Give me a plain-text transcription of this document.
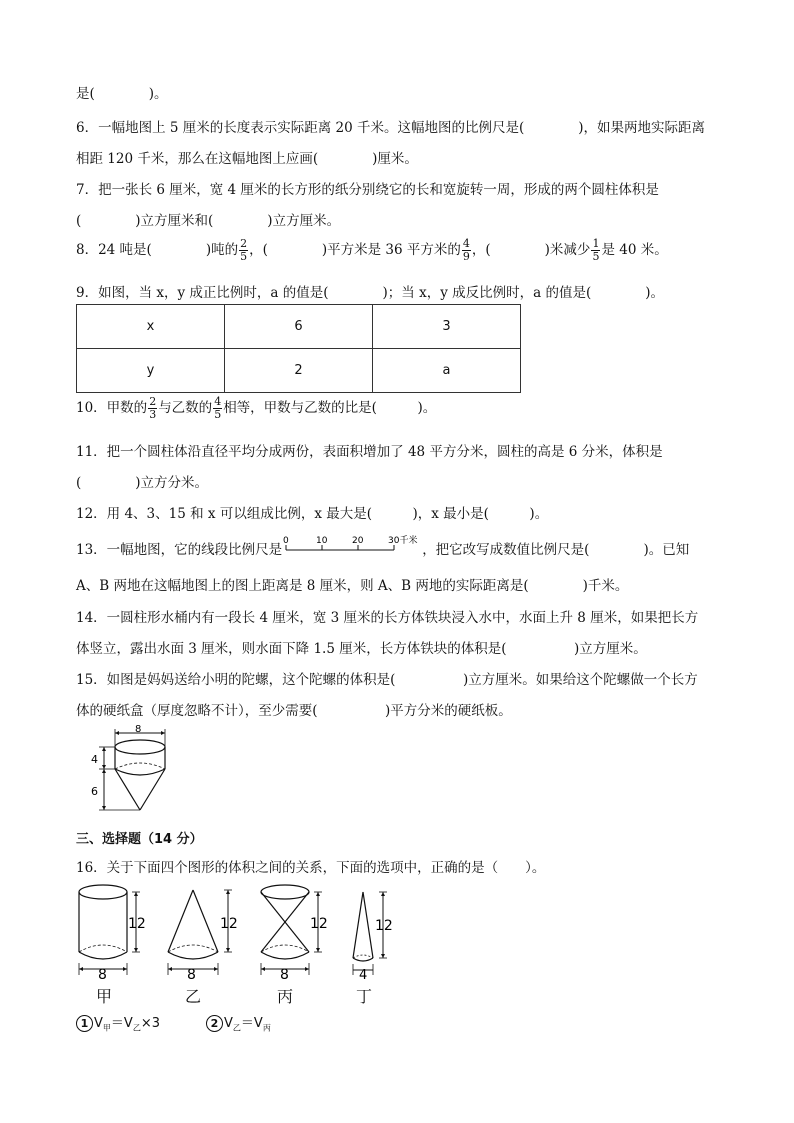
是(　　　　)。
6．一幅地图上 5 厘米的长度表示实际距离 20 千米。这幅地图的比例尺是(　　　　)，如果两地实际距离
相距 120 千米，那么在这幅地图上应画(　　　　)厘米。
7．把一张长 6 厘米，宽 4 厘米的长方形的纸分别绕它的长和宽旋转一周，形成的两个圆柱体积是
(　　　　)立方厘米和(　　　　)立方厘米。
8．24 吨是(　　　　)吨的 $\frac{2}{5}$ ，(　　　　)平方米是 36 平方米的 $\frac{4}{9}$ ，(　　　　)米减少 $\frac{1}{5}$ 是 40 米。
9．如图，当 x，y 成正比例时，a 的值是(　　　　)；当 x，y 成反比例时，a 的值是(　　　　)。
x	6	3
y	2	a
10．甲数的 $\frac{2}{3}$ 与乙数的 $\frac{4}{5}$ 相等，甲数与乙数的比是(　　　)。
11．把一个圆柱体沿直径平均分成两份，表面积增加了 48 平方分米，圆柱的高是 6 分米，体积是
(　　　　)立方分米。
12．用 4、3、15 和 x 可以组成比例，x 最大是(　　　)，x 最小是(　　　)。
13．一幅地图，它的线段比例尺是
0	10	20	30千米
，把它改写成数值比例尺是(　　　　)。已知
A、B 两地在这幅地图上的图上距离是 8 厘米，则 A、B 两地的实际距离是(　　　　)千米。
14．一圆柱形水桶内有一段长 4 厘米，宽 3 厘米的长方体铁块浸入水中，水面上升 8 厘米，如果把长方
体竖立，露出水面 3 厘米，则水面下降 1.5 厘米，长方体铁块的体积是(　　　　　)立方厘米。
15．如图是妈妈送给小明的陀螺，这个陀螺的体积是(　　　　　)立方厘米。如果给这个陀螺做一个长方
体的硬纸盒（厚度忽略不计），至少需要(　　　　　)平方分米的硬纸板。
8
4
6
三、选择题（14 分）
16．关于下面四个图形的体积之间的关系，下面的选项中，正确的是（　　）。
12
8
12
8
12
8
12
4
甲	乙	丙	丁
1 $V_甲=V_乙\times 3$	2 $V_乙=V_丙$
